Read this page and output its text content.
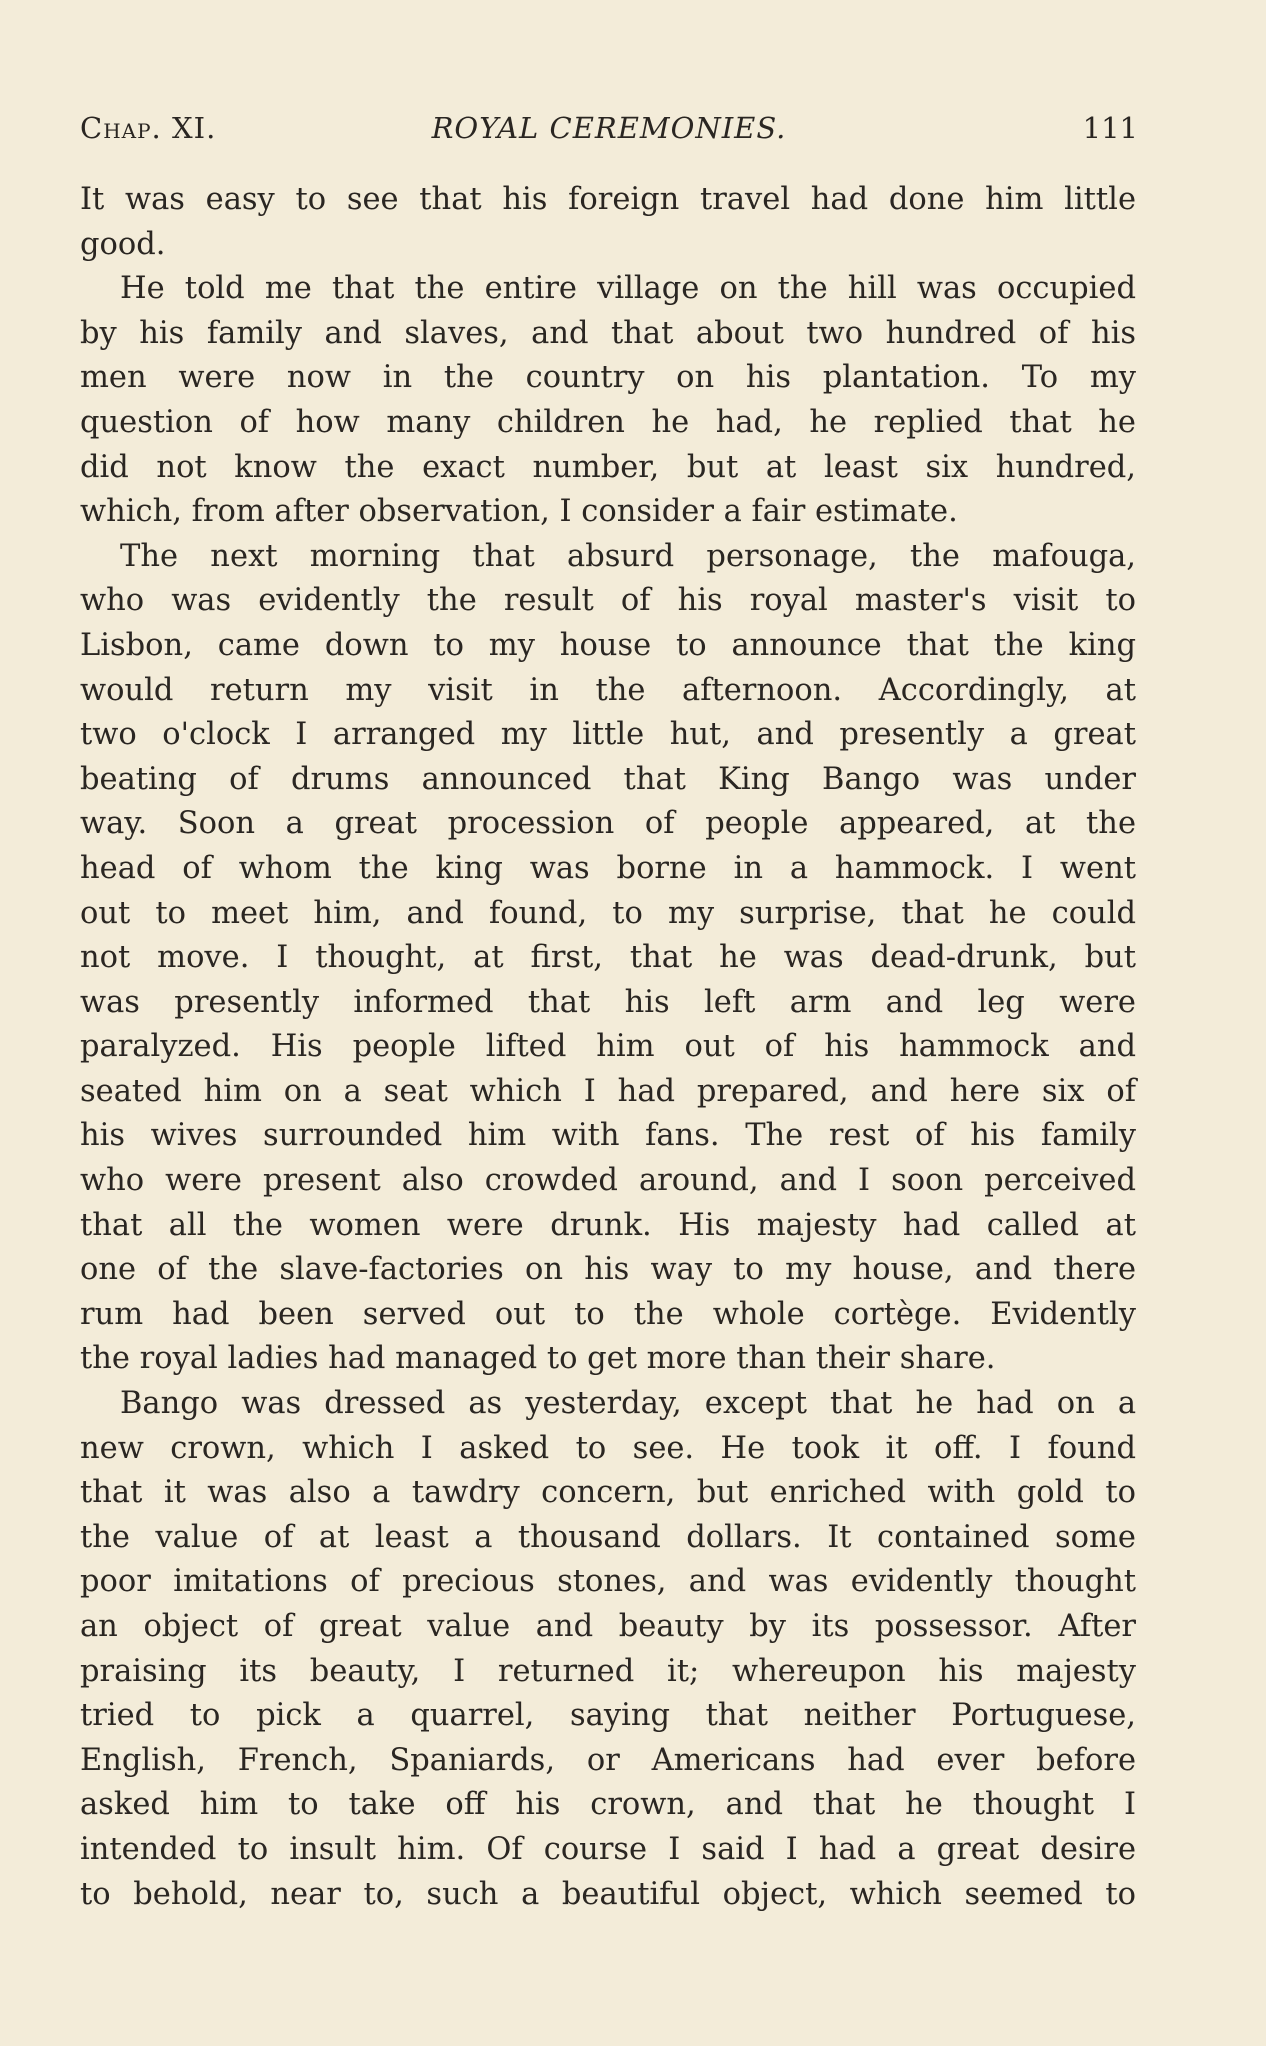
Chap. XI.	ROYAL CEREMONIES.	111
It was easy to see that his foreign travel had done him little
good.
He told me that the entire village on the hill was occupied
by his family and slaves, and that about two hundred of his
men were now in the country on his plantation. To my
question of how many children he had, he replied that he
did not know the exact number, but at least six hundred,
which, from after observation, I consider a fair estimate.
The next morning that absurd personage, the mafouga,
who was evidently the result of his royal master's visit to
Lisbon, came down to my house to announce that the king
would return my visit in the afternoon. Accordingly, at
two o'clock I arranged my little hut, and presently a great
beating of drums announced that King Bango was under
way. Soon a great procession of people appeared, at the
head of whom the king was borne in a hammock. I went
out to meet him, and found, to my surprise, that he could
not move. I thought, at first, that he was dead-drunk, but
was presently informed that his left arm and leg were
paralyzed. His people lifted him out of his hammock and
seated him on a seat which I had prepared, and here six of
his wives surrounded him with fans. The rest of his family
who were present also crowded around, and I soon perceived
that all the women were drunk. His majesty had called at
one of the slave-factories on his way to my house, and there
rum had been served out to the whole cortège. Evidently
the royal ladies had managed to get more than their share.
Bango was dressed as yesterday, except that he had on a
new crown, which I asked to see. He took it off. I found
that it was also a tawdry concern, but enriched with gold to
the value of at least a thousand dollars. It contained some
poor imitations of precious stones, and was evidently thought
an object of great value and beauty by its possessor. After
praising its beauty, I returned it; whereupon his majesty
tried to pick a quarrel, saying that neither Portuguese,
English, French, Spaniards, or Americans had ever before
asked him to take off his crown, and that he thought I
intended to insult him. Of course I said I had a great desire
to behold, near to, such a beautiful object, which seemed to
